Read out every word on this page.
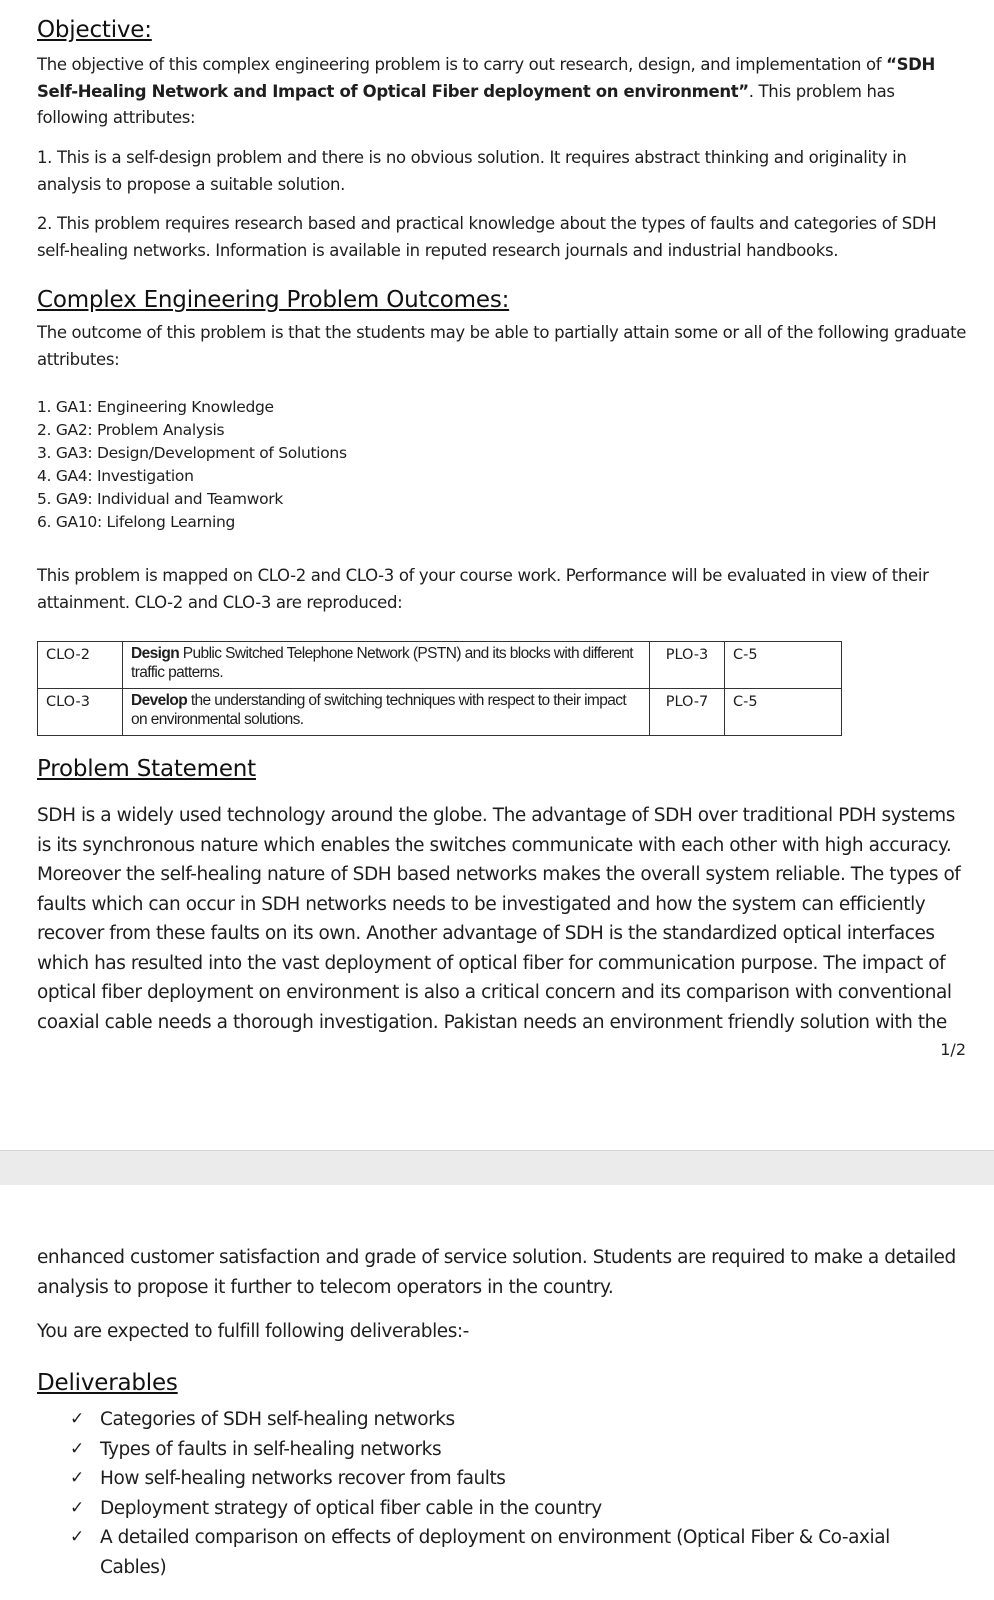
Objective:

The objective of this complex engineering problem is to carry out research, design, and implementation of “SDH Self-Healing Network and Impact of Optical Fiber deployment on environment”. This problem has following attributes:

1. This is a self-design problem and there is no obvious solution. It requires abstract thinking and originality in analysis to propose a suitable solution.

2. This problem requires research based and practical knowledge about the types of faults and categories of SDH self-healing networks. Information is available in reputed research journals and industrial handbooks.

Complex Engineering Problem Outcomes:

The outcome of this problem is that the students may be able to partially attain some or all of the following graduate attributes:

1. GA1: Engineering Knowledge
2. GA2: Problem Analysis
3. GA3: Design/Development of Solutions
4. GA4: Investigation
5. GA9: Individual and Teamwork
6. GA10: Lifelong Learning

This problem is mapped on CLO-2 and CLO-3 of your course work. Performance will be evaluated in view of their attainment. CLO-2 and CLO-3 are reproduced:

CLO-2	Design Public Switched Telephone Network (PSTN) and its blocks with different traffic patterns.	PLO-3	C-5
CLO-3	Develop the understanding of switching techniques with respect to their impact on environmental solutions.	PLO-7	C-5
Problem Statement

SDH is a widely used technology around the globe. The advantage of SDH over traditional PDH systems is its synchronous nature which enables the switches communicate with each other with high accuracy. Moreover the self-healing nature of SDH based networks makes the overall system reliable. The types of faults which can occur in SDH networks needs to be investigated and how the system can efficiently recover from these faults on its own. Another advantage of SDH is the standardized optical interfaces which has resulted into the vast deployment of optical fiber for communication purpose. The impact of optical fiber deployment on environment is also a critical concern and its comparison with conventional coaxial cable needs a thorough investigation. Pakistan needs an environment friendly solution with the

1/2

enhanced customer satisfaction and grade of service solution. Students are required to make a detailed analysis to propose it further to telecom operators in the country.

You are expected to fulfill following deliverables:-

Deliverables
✓ Categories of SDH self-healing networks
✓ Types of faults in self-healing networks
✓ How self-healing networks recover from faults
✓ Deployment strategy of optical fiber cable in the country
✓ A detailed comparison on effects of deployment on environment (Optical Fiber & Co-axial Cables)
